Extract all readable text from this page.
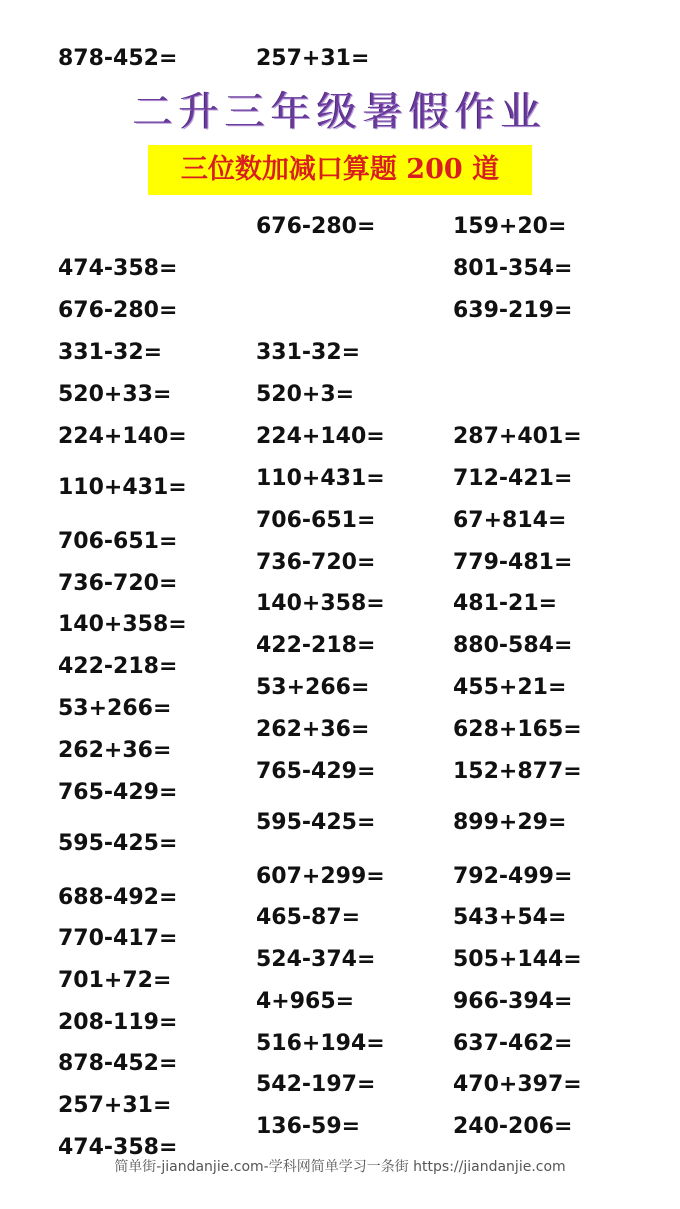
878-452=	257+31=
二升三年级暑假作业
三位数加减口算题 200 道
474-358=
676-280=
331-32=
520+33=
224+140=
110+431=
706-651=
736-720=
140+358=
422-218=
53+266=
262+36=
765-429=
595-425=
688-492=
770-417=
701+72=
208-119=
878-452=
257+31=
474-358=
676-280=
331-32=
520+3=
224+140=
110+431=
706-651=
736-720=
140+358=
422-218=
53+266=
262+36=
765-429=
595-425=
607+299=
465-87=
524-374=
4+965=
516+194=
542-197=
136-59=
159+20=
801-354=
639-219=
287+401=
712-421=
67+814=
779-481=
481-21=
880-584=
455+21=
628+165=
152+877=
899+29=
792-499=
543+54=
505+144=
966-394=
637-462=
470+397=
240-206=
简单街-jiandanjie.com-学科网简单学习一条街 https://jiandanjie.com
